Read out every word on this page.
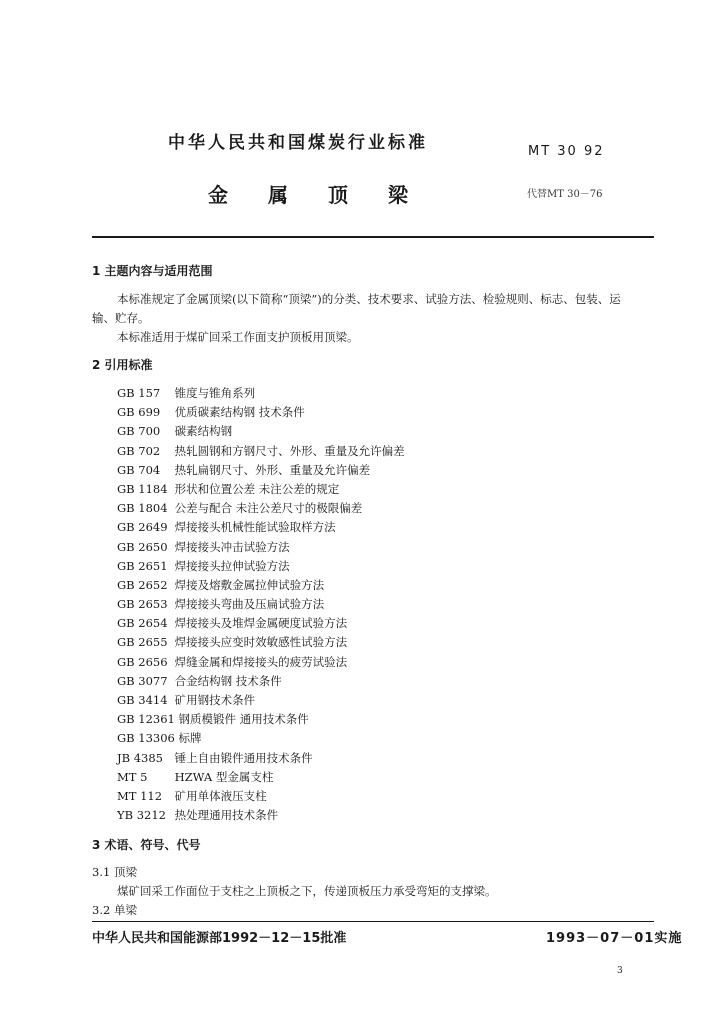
中华人民共和国煤炭行业标准	MT 30 92
金 属 顶 梁	代替MT 30－76
1 主题内容与适用范围
本标准规定了金属顶梁(以下简称“顶梁”)的分类、技术要求、试验方法、检验规则、标志、包装、运
输、贮存。
本标准适用于煤矿回采工作面支护顶板用顶梁。
2 引用标准
GB 157 锥度与锥角系列
GB 699 优质碳素结构钢 技术条件
GB 700 碳素结构钢
GB 702 热轧圆钢和方钢尺寸、外形、重量及允许偏差
GB 704 热轧扁钢尺寸、外形、重量及允许偏差
GB 1184 形状和位置公差 未注公差的规定
GB 1804 公差与配合 未注公差尺寸的极限偏差
GB 2649 焊接接头机械性能试验取样方法
GB 2650 焊接接头冲击试验方法
GB 2651 焊接接头拉伸试验方法
GB 2652 焊接及熔敷金属拉伸试验方法
GB 2653 焊接接头弯曲及压扁试验方法
GB 2654 焊接接头及堆焊金属硬度试验方法
GB 2655 焊接接头应变时效敏感性试验方法
GB 2656 焊缝金属和焊接接头的疲劳试验法
GB 3077 合金结构钢 技术条件
GB 3414 矿用钢技术条件
GB 12361 钢质模锻件 通用技术条件
GB 13306 标牌
JB 4385 锤上自由锻件通用技术条件
MT 5 HZWA 型金属支柱
MT 112 矿用单体液压支柱
YB 3212 热处理通用技术条件
3 术语、符号、代号
3.1 顶梁
煤矿回采工作面位于支柱之上顶板之下，传递顶板压力承受弯矩的支撑梁。
3.2 单梁
中华人民共和国能源部1992－12－15批准	1993－07－01实施
3
